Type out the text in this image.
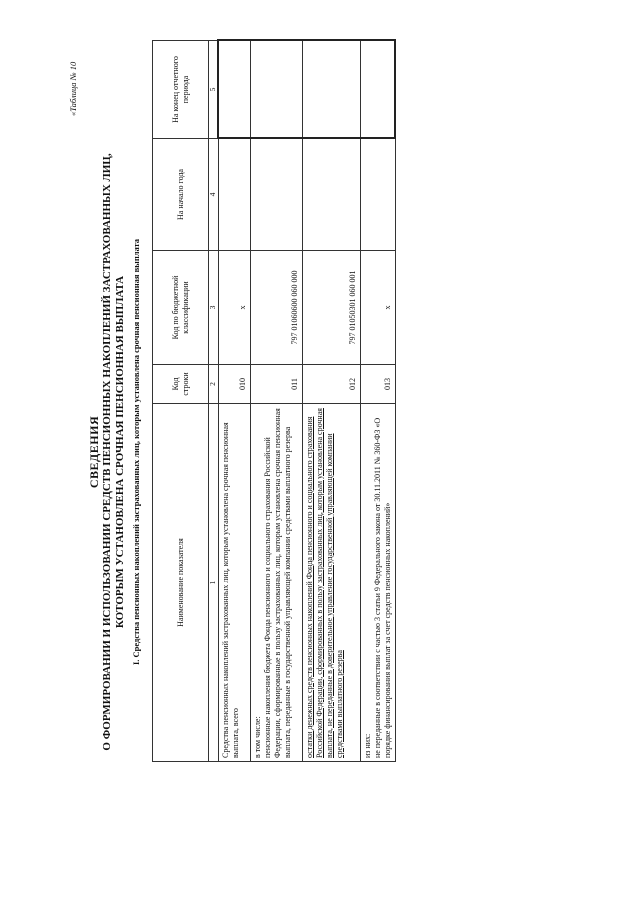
«Таблица № 10
СВЕДЕНИЯ О ФОРМИРОВАНИИ И ИСПОЛЬЗОВАНИИ СРЕДСТВ ПЕНСИОННЫХ НАКОПЛЕНИЙ ЗАСТРАХОВАННЫХ ЛИЦ, КОТОРЫМ УСТАНОВЛЕНА СРОЧНАЯ ПЕНСИОННАЯ ВЫПЛАТА I. Средства пенсионных накоплений застрахованных лиц, которым установлена срочная пенсионная выплата	Наименование показателя	Код строки	Код по бюджетной классификации	На начало года	На конец отчетного периода
1	2	3	4	5
Средства пенсионных накоплений застрахованных лиц, которым установлена срочная пенсионная выплата, всего	010	x		

в том числе: пенсионные накопления бюджета Фонда пенсионного и социального страхования Российской Федерации, сформированные в пользу застрахованных лиц, которым установлена срочная пенсионная выплата, переданные в государственной управляющей компании средствами выплатного резерва	011	797 01060600 060 000		
остатки денежных средств пенсионных накоплений Фонда пенсионного и социального страхования Российской Федерации, сформированных в пользу застрахованных лиц, которым установлена срочная выплата, не переданные в доверительное управление государственной управляющей компании средствами выплатного резерва	012	797 01050301 060 001		

из них: не переданные в соответствии с частью 3 статьи 9 Федерального закона от 30.11.2011 № 360-ФЗ «О порядке финансирования выплат за счет средств пенсионных накоплений»	013	x		
